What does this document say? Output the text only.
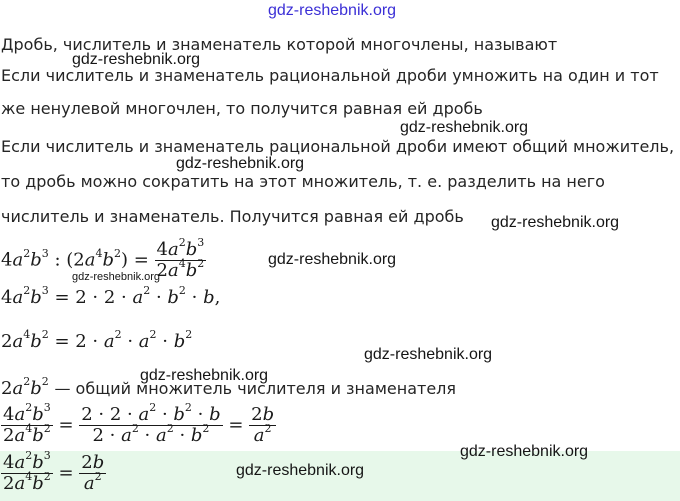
Дробь, числитель и знаменатель которой многочлены, называют
Если числитель и знаменатель рациональной дроби умножить на один и тот
же ненулевой многочлен, то получится равная ей дробь
Если числитель и знаменатель рациональной дроби имеют общий множитель,
то дробь можно сократить на этот множитель, т. е. разделить на него
числитель и знаменатель. Получится равная ей дробь
$4a^2b^3$ : $(2a^4b^2) = \frac{4a^2b^3}{2a^4b^2}$
$4a^2b^3 = 2 \cdot 2 \cdot a^2 \cdot b^2 \cdot b$,
$2a^4b^2 = 2 \cdot a^2 \cdot a^2 \cdot b^2$
$2a^2b^2$ — общий множитель числителя и знаменателя
$\frac{4a^2b^3}{2a^4b^2} = \frac{2 \cdot 2 \cdot a^2 \cdot b^2 \cdot b}{2 \cdot a^2 \cdot a^2 \cdot b^2} = \frac{2b}{a^2}$
$\frac{4a^2b^3}{2a^4b^2} = \frac{2b}{a^2}$
gdz-reshebnik.org
gdz-reshebnik.org
gdz-reshebnik.org
gdz-reshebnik.org
gdz-reshebnik.org
gdz-reshebnik.org
gdz-reshebnik.org
gdz-reshebnik.org
gdz-reshebnik.org
gdz-reshebnik.org
gdz-reshebnik.org
